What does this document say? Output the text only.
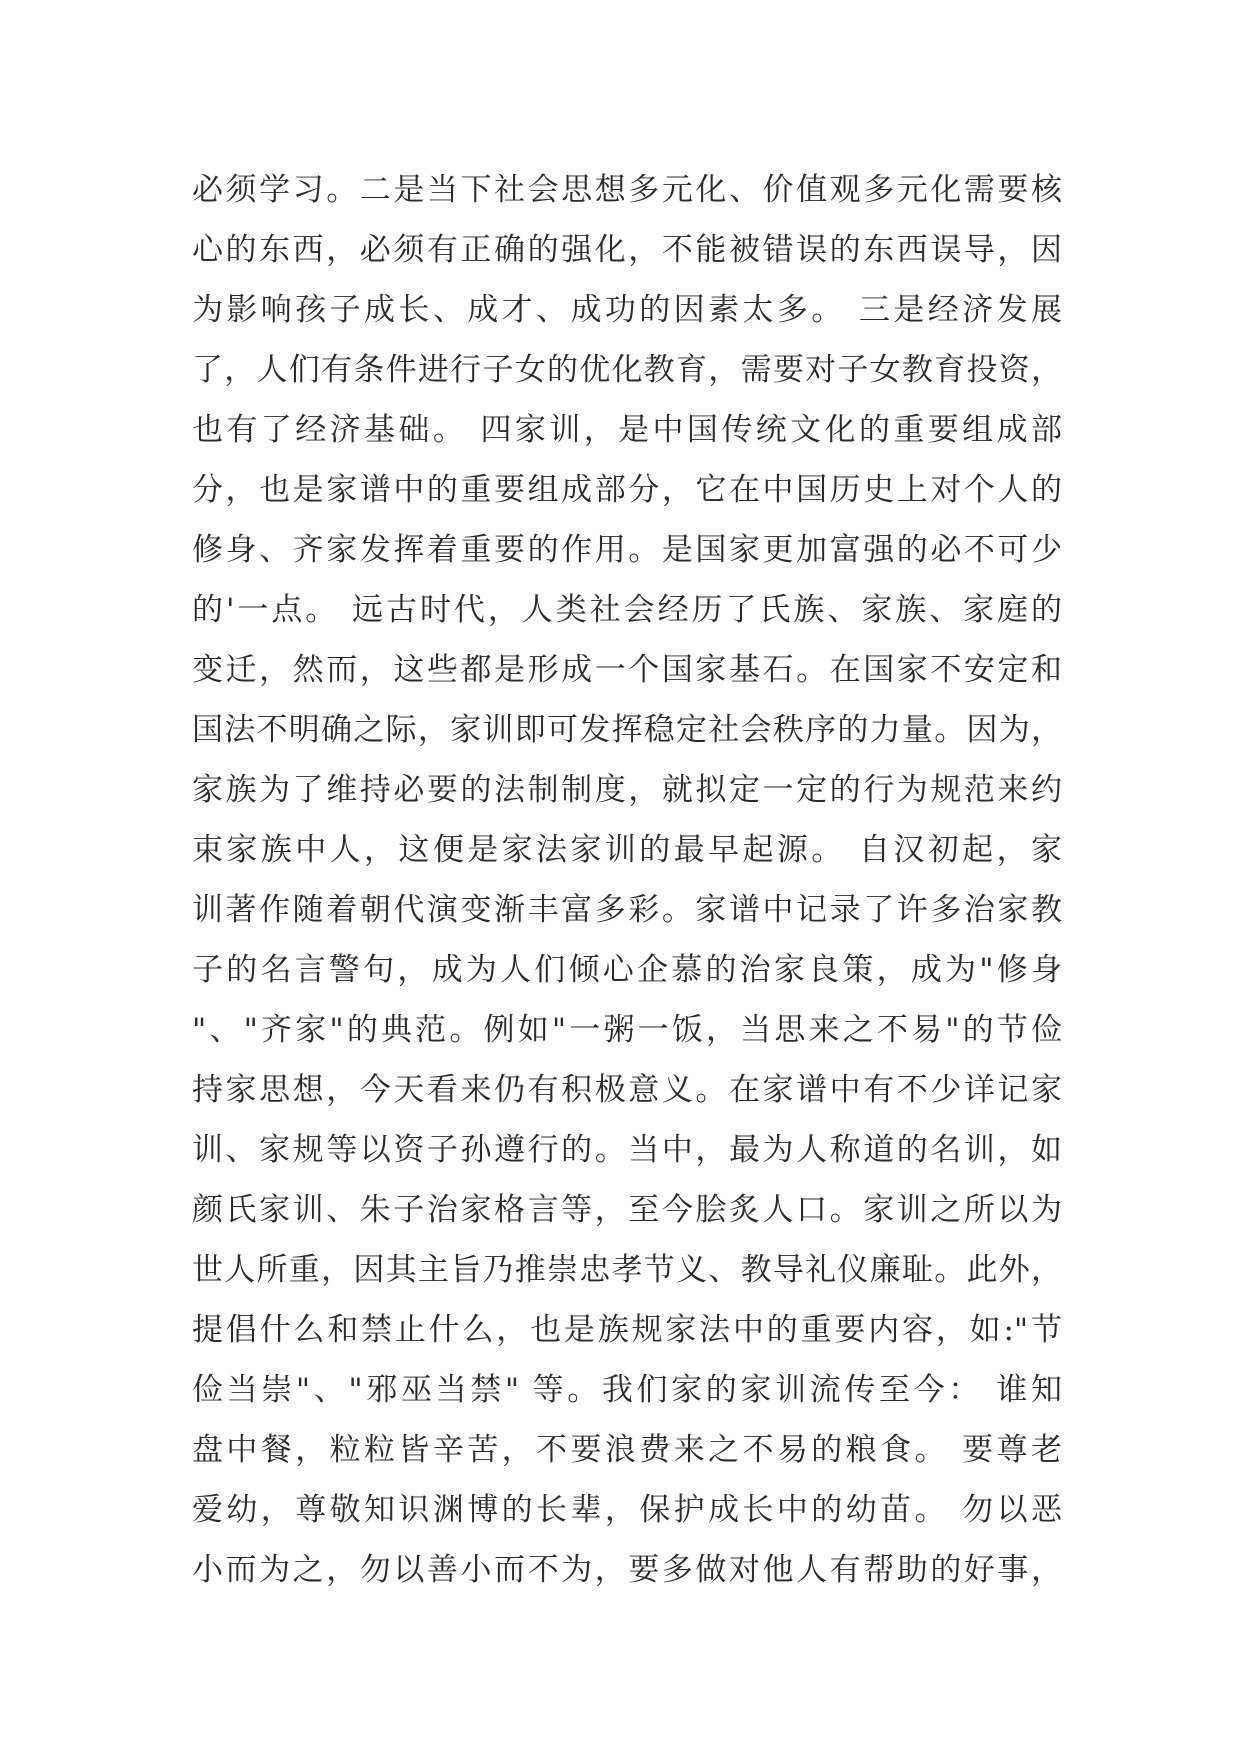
必须学习。二是当下社会思想多元化、价值观多元化需要核
心的东西，必须有正确的强化，不能被错误的东西误导，因
为影响孩子成长、成才、成功的因素太多。 三是经济发展
了，人们有条件进行子女的优化教育，需要对子女教育投资，
也有了经济基础。 四家训，是中国传统文化的重要组成部
分，也是家谱中的重要组成部分，它在中国历史上对个人的
修身、齐家发挥着重要的作用。是国家更加富强的必不可少
的'一点。 远古时代，人类社会经历了氏族、家族、家庭的
变迁，然而，这些都是形成一个国家基石。在国家不安定和
国法不明确之际，家训即可发挥稳定社会秩序的力量。因为，
家族为了维持必要的法制制度，就拟定一定的行为规范来约
束家族中人，这便是家法家训的最早起源。 自汉初起，家
训著作随着朝代演变渐丰富多彩。家谱中记录了许多治家教
子的名言警句，成为人们倾心企慕的治家良策，成为"修身
"、"齐家"的典范。例如"一粥一饭，当思来之不易"的节俭
持家思想，今天看来仍有积极意义。在家谱中有不少详记家
训、家规等以资子孙遵行的。当中，最为人称道的名训，如
颜氏家训、朱子治家格言等，至今脍炙人口。家训之所以为
世人所重，因其主旨乃推崇忠孝节义、教导礼仪廉耻。此外，
提倡什么和禁止什么，也是族规家法中的重要内容，如:"节
俭当崇"、"邪巫当禁" 等。我们家的家训流传至今： 谁知
盘中餐，粒粒皆辛苦，不要浪费来之不易的粮食。 要尊老
爱幼，尊敬知识渊博的长辈，保护成长中的幼苗。 勿以恶
小而为之，勿以善小而不为，要多做对他人有帮助的好事，
